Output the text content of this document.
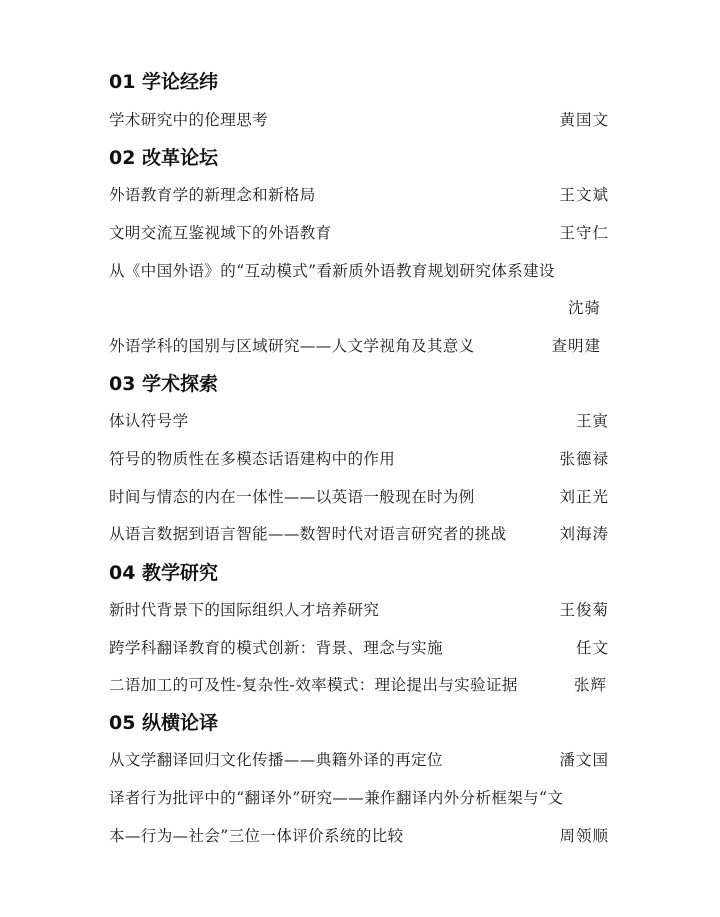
01 学论经纬
学术研究中的伦理思考	黄国文
02 改革论坛
外语教育学的新理念和新格局	王文斌
文明交流互鉴视域下的外语教育	王守仁
从《中国外语》的“互动模式”看新质外语教育规划研究体系建设
沈骑
外语学科的国别与区域研究——人文学视角及其意义	查明建
03 学术探索
体认符号学	王寅
符号的物质性在多模态话语建构中的作用	张德禄
时间与情态的内在一体性——以英语一般现在时为例	刘正光
从语言数据到语言智能——数智时代对语言研究者的挑战	刘海涛
04 教学研究
新时代背景下的国际组织人才培养研究	王俊菊
跨学科翻译教育的模式创新：背景、理念与实施	任文
二语加工的可及性-复杂性-效率模式：理论提出与实验证据	张辉
05 纵横论译
从文学翻译回归文化传播——典籍外译的再定位	潘文国
译者行为批评中的“翻译外”研究——兼作翻译内外分析框架与“文
本—行为—社会”三位一体评价系统的比较	周领顺
